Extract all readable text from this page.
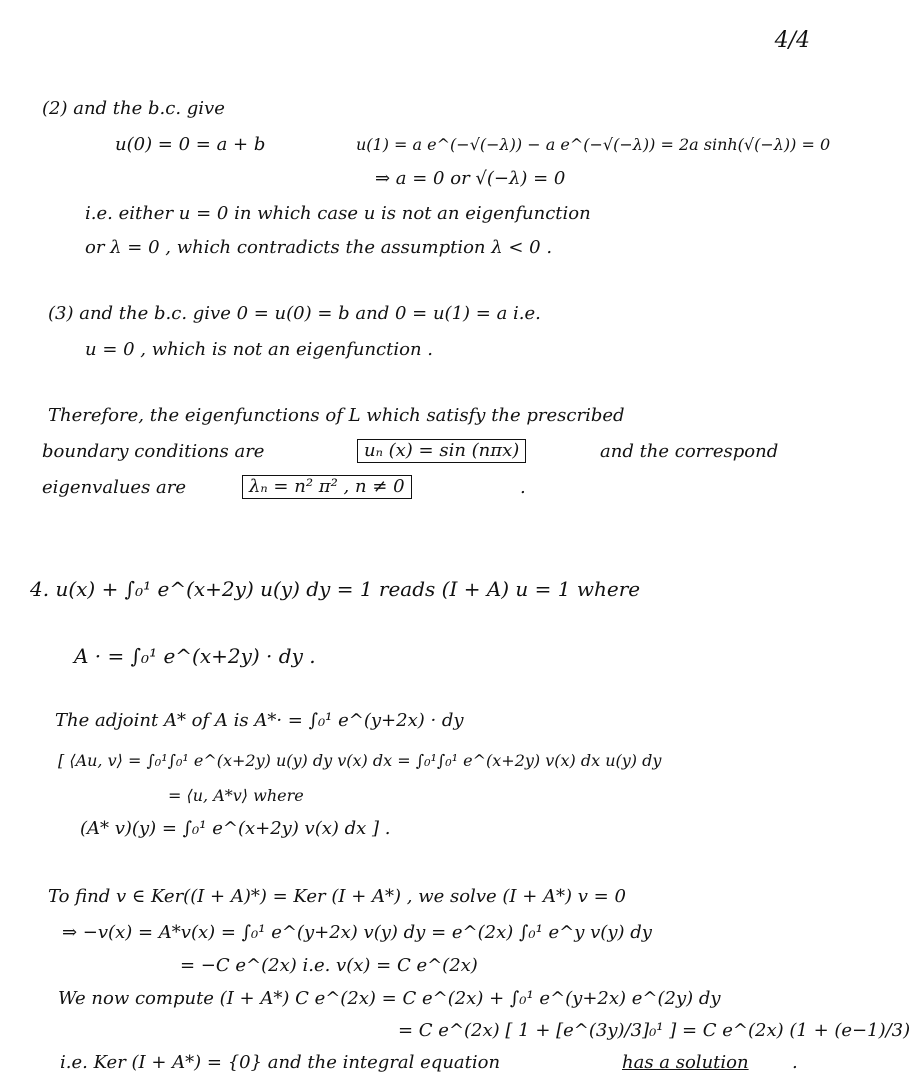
4/4
(2) and the b.c. give
u(0) = 0 = a + b	u(1) = a e^(−√(−λ)) − a e^(−√(−λ)) = 2a sinh(√(−λ)) = 0
⇒ a = 0 or √(−λ) = 0
i.e. either u = 0 in which case u is not an eigenfunction
or λ = 0 , which contradicts the assumption λ < 0 .
(3) and the b.c. give 0 = u(0) = b and 0 = u(1) = a i.e.
u = 0 , which is not an eigenfunction .
Therefore, the eigenfunctions of L which satisfy the prescribed
boundary conditions are	uₙ (x) = sin (nπx)	and the correspond
eigenvalues are	λₙ = n² π² , n ≠ 0	.
4. u(x) + ∫₀¹ e^(x+2y) u(y) dy = 1 reads (I + A) u = 1 where
A · = ∫₀¹ e^(x+2y) · dy .
The adjoint A* of A is A*· = ∫₀¹ e^(y+2x) · dy
[ ⟨Au, v⟩ = ∫₀¹∫₀¹ e^(x+2y) u(y) dy v(x) dx = ∫₀¹∫₀¹ e^(x+2y) v(x) dx u(y) dy
= ⟨u, A*v⟩ where
(A* v)(y) = ∫₀¹ e^(x+2y) v(x) dx ] .
To find v ∈ Ker((I + A)*) = Ker (I + A*) , we solve (I + A*) v = 0
⇒ −v(x) = A*v(x) = ∫₀¹ e^(y+2x) v(y) dy = e^(2x) ∫₀¹ e^y v(y) dy
= −C e^(2x) i.e. v(x) = C e^(2x)
We now compute (I + A*) C e^(2x) = C e^(2x) + ∫₀¹ e^(y+2x) e^(2y) dy
= C e^(2x) [ 1 + [e^(3y)/3]₀¹ ] = C e^(2x) (1 + (e−1)/3)
i.e. Ker (I + A*) = {0} and the integral equation	has a solution .
